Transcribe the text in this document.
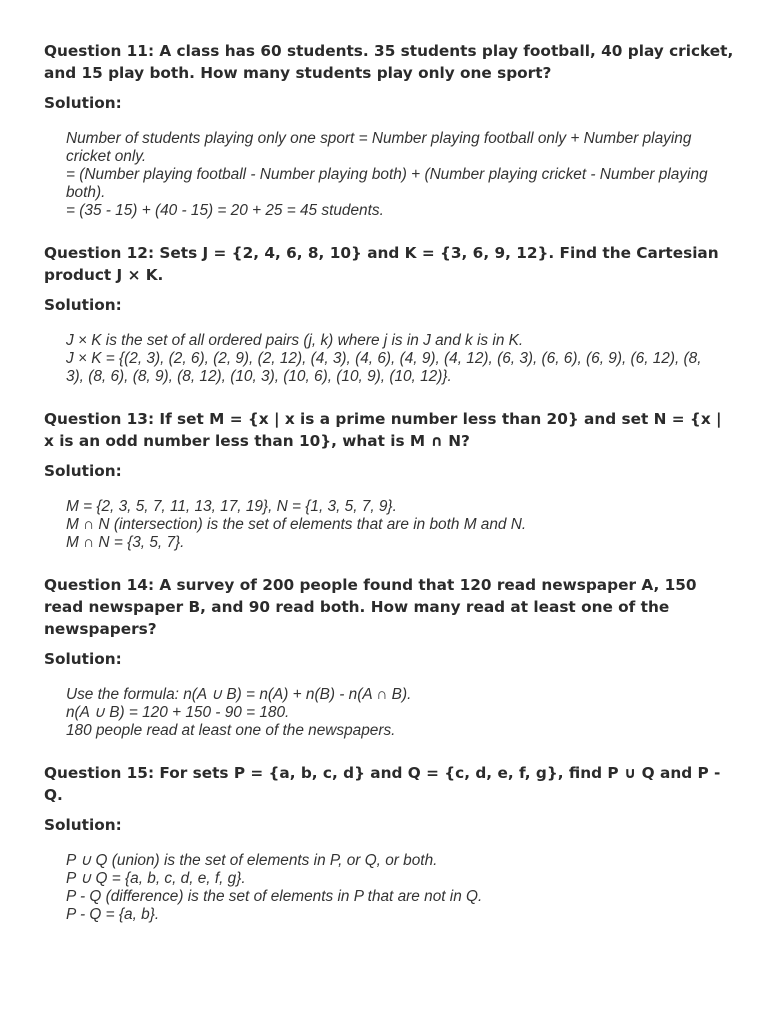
Question 11: A class has 60 students. 35 students play football, 40 play cricket, and 15 play both. How many students play only one sport?

Solution:

Number of students playing only one sport = Number playing football only + Number playing cricket only.

= (Number playing football - Number playing both) + (Number playing cricket - Number playing both).

= (35 - 15) + (40 - 15) = 20 + 25 = 45 students.

Question 12: Sets J = {2, 4, 6, 8, 10} and K = {3, 6, 9, 12}. Find the Cartesian product J × K.

Solution:

J × K is the set of all ordered pairs (j, k) where j is in J and k is in K.

J × K = {(2, 3), (2, 6), (2, 9), (2, 12), (4, 3), (4, 6), (4, 9), (4, 12), (6, 3), (6, 6), (6, 9), (6, 12), (8, 3), (8, 6), (8, 9), (8, 12), (10, 3), (10, 6), (10, 9), (10, 12)}.

Question 13: If set M = {x | x is a prime number less than 20} and set N = {x | x is an odd number less than 10}, what is M ∩ N?

Solution:

M = {2, 3, 5, 7, 11, 13, 17, 19}, N = {1, 3, 5, 7, 9}.

M ∩ N (intersection) is the set of elements that are in both M and N.

M ∩ N = {3, 5, 7}.

Question 14: A survey of 200 people found that 120 read newspaper A, 150 read newspaper B, and 90 read both. How many read at least one of the newspapers?

Solution:

Use the formula: n(A ∪ B) = n(A) + n(B) - n(A ∩ B).

n(A ∪ B) = 120 + 150 - 90 = 180.

180 people read at least one of the newspapers.

Question 15: For sets P = {a, b, c, d} and Q = {c, d, e, f, g}, find P ∪ Q and P - Q.

Solution:

P ∪ Q (union) is the set of elements in P, or Q, or both.

P ∪ Q = {a, b, c, d, e, f, g}.

P - Q (difference) is the set of elements in P that are not in Q.

P - Q = {a, b}.
